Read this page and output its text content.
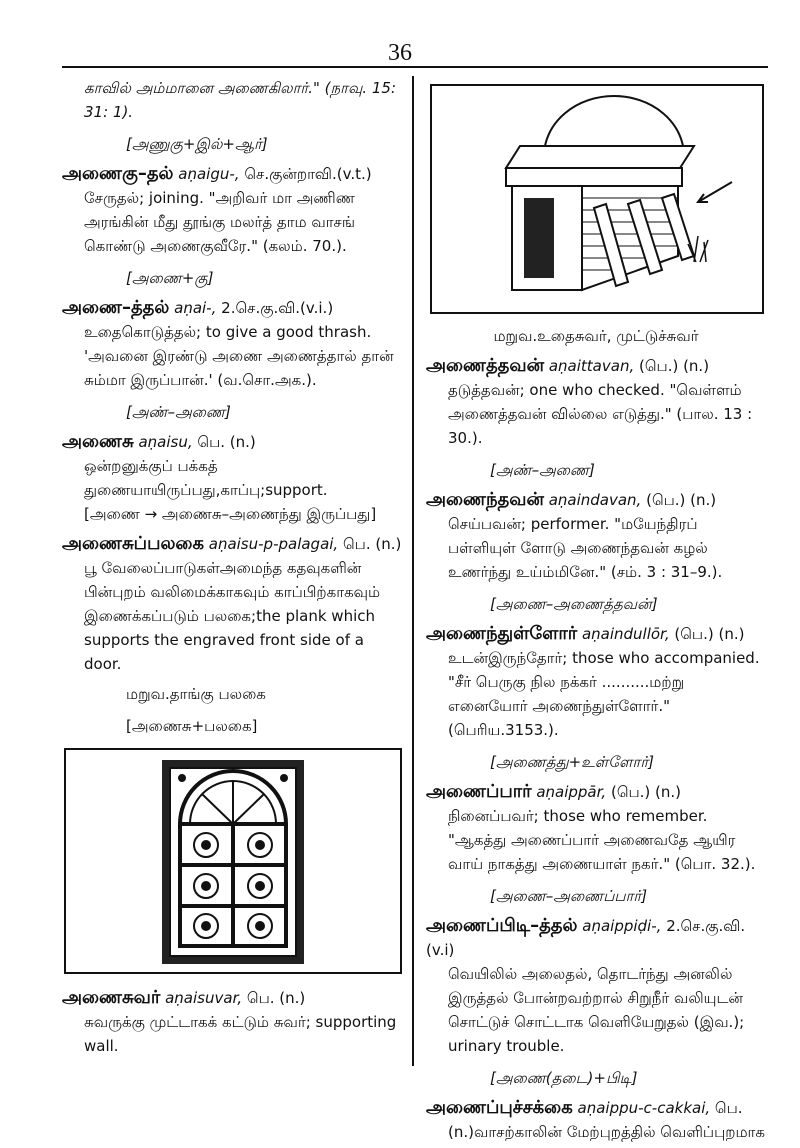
36
காவில் அம்மானை அணைகிலார்." (நாவு. 15: 31: 1).
[அணுகு+இல்+ஆர்]
அணைகு–தல் aṇaigu-, செ.குன்றாவி.(v.t.)
சேருதல்; joining. "அறிவர் மா அணிண அரங்கின் மீது தூங்கு மலர்த் தாம வாசங் கொண்டு அணைகுவீரே." (கலம். 70.).
[அணை+கு]
அணை–த்தல் aṇai-, 2.செ.கு.வி.(v.i.)
உதைகொடுத்தல்; to give a good thrash. 'அவனை இரண்டு அணை அணைத்தால் தான் சும்மா இருப்பான்.' (வ.சொ.அக.).
[அண்–அணை]
அணைசு aṇaisu, பெ. (n.)
ஒன்றனுக்குப் பக்கத் துணையாயிருப்பது,காப்பு;support.
[அணை → அணைசு–அணைந்து இருப்பது]
அணைசுப்பலகை aṇaisu-p-palagai, பெ. (n.)
பூ வேலைப்பாடுகள்அமைந்த கதவுகளின் பின்புறம் வலிமைக்காகவும் காப்பிற்காகவும் இணைக்கப்படும் பலகை;the plank which supports the engraved front side of a door.
மறுவ.தாங்கு பலகை
[அணைசு+பலகை]
அணைசுவர் aṇaisuvar, பெ. (n.)
சுவருக்கு முட்டாகக் கட்டும் சுவர்; supporting wall.
மறுவ.உதைசுவர், முட்டுச்சுவர்
அணைத்தவன் aṇaittavan, (பெ.) (n.)
தடுத்தவன்; one who checked. "வெள்ளம் அணைத்தவன் வில்லை எடுத்து." (பால. 13 : 30.).
[அண்–அணை]
அணைந்தவன் aṇaindavan, (பெ.) (n.)
செய்பவன்; performer. "மயேந்திரப் பள்ளியுள் ளோடு அணைந்தவன் கழல் உணர்ந்து உய்ம்மினே." (சம். 3 : 31–9.).
[அணை–அணைத்தவன்]
அணைந்துள்ளோர் aṇaindullōr, (பெ.) (n.)
உடன்இருந்தோர்; those who accompanied. "சீர் பெருகு நில நக்கர் ..........மற்று எனையோர் அணைந்துள்ளோர்." (பெரிய.3153.).
[அணைத்து+உள்ளோர்]
அணைப்பார் aṇaippār, (பெ.) (n.)
நினைப்பவர்; those who remember. "ஆகத்து அணைப்பார் அணைவதே ஆயிர வாய் நாகத்து அணையாள் நகர்." (பொ. 32.).
[அணை–அணைப்பார்]
அணைப்பிடி–த்தல் aṇaippiḍi-, 2.செ.கு.வி. (v.i)
வெயிலில் அலைதல், தொடர்ந்து அனலில் இருத்தல் போன்றவற்றால் சிறுநீர் வலியுடன் சொட்டுச் சொட்டாக வெளியேறுதல் (இவ.); urinary trouble.
[அணை(தடை)+பிடி]
அணைப்புச்சக்கை aṇaippu-c-cakkai, பெ.
(n.)வாசற்காலின் மேற்புறத்தில் வெளிப்புறமாக
